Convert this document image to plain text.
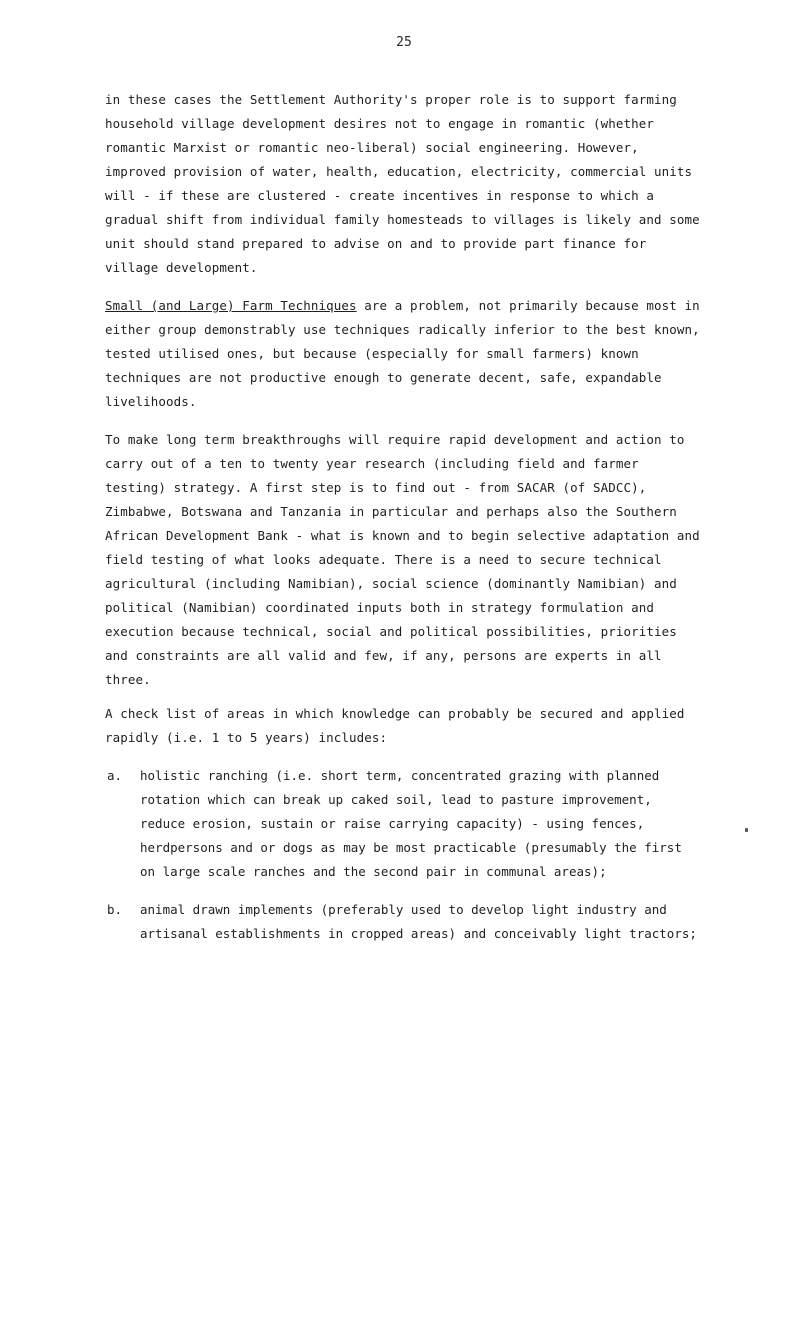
25

in these cases the Settlement Authority's proper role is to support farming household village development desires not to engage in romantic (whether romantic Marxist or romantic neo-liberal) social engineering. However, improved provision of water, health, education, electricity, commercial units will - if these are clustered - create incentives in response to which a gradual shift from individual family homesteads to villages is likely and some unit should stand prepared to advise on and to provide part finance for village development.

Small (and Large) Farm Techniques are a problem, not primarily because most in either group demonstrably use techniques radically inferior to the best known, tested utilised ones, but because (especially for small farmers) known techniques are not productive enough to generate decent, safe, expandable livelihoods.

To make long term breakthroughs will require rapid development and action to carry out of a ten to twenty year research (including field and farmer testing) strategy. A first step is to find out - from SACAR (of SADCC), Zimbabwe, Botswana and Tanzania in particular and perhaps also the Southern African Development Bank - what is known and to begin selective adaptation and field testing of what looks adequate. There is a need to secure technical agricultural (including Namibian), social science (dominantly Namibian) and political (Namibian) coordinated inputs both in strategy formulation and execution because technical, social and political possibilities, priorities and constraints are all valid and few, if any, persons are experts in all three.

A check list of areas in which knowledge can probably be secured and applied rapidly (i.e. 1 to 5 years) includes:

a. holistic ranching (i.e. short term, concentrated grazing with planned rotation which can break up caked soil, lead to pasture improvement, reduce erosion, sustain or raise carrying capacity) - using fences, herdpersons and or dogs as may be most practicable (presumably the first on large scale ranches and the second pair in communal areas);
b. animal drawn implements (preferably used to develop light industry and artisanal establishments in cropped areas) and conceivably light tractors;
